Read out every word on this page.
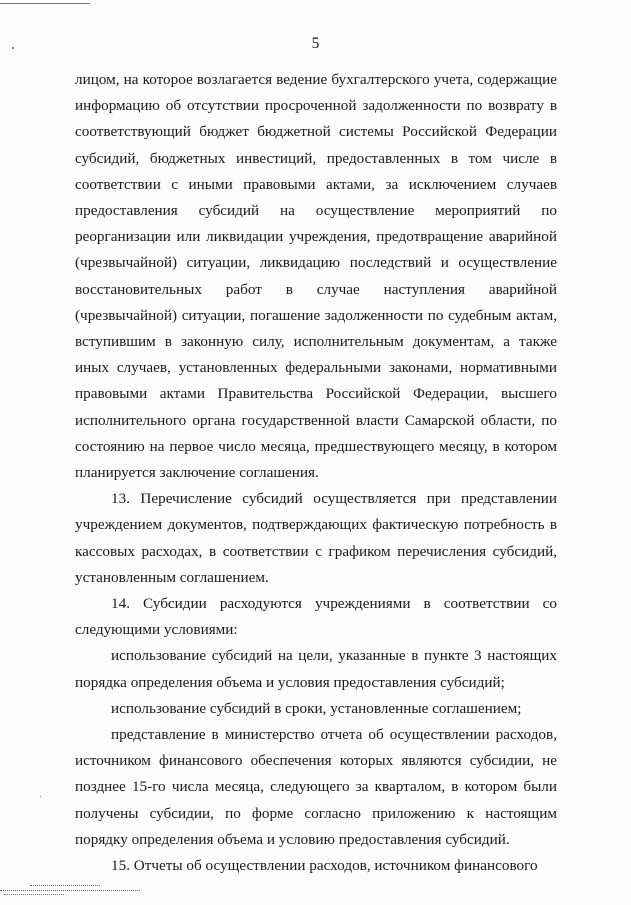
5

лицом, на которое возлагается ведение бухгалтерского учета, содержащие информацию об отсутствии просроченной задолженности по возврату в соответствующий бюджет бюджетной системы Российской Федерации субсидий, бюджетных инвестиций, предоставленных в том числе в соответствии с иными правовыми актами, за исключением случаев предоставления субсидий на осуществление мероприятий по реорганизации или ликвидации учреждения, предотвращение аварийной (чрезвычайной) ситуации, ликвидацию последствий и осуществление восстановительных работ в случае наступления аварийной (чрезвычайной) ситуации, погашение задолженности по судебным актам, вступившим в законную силу, исполнительным документам, а также иных случаев, установленных федеральными законами, нормативными правовыми актами Правительства Российской Федерации, высшего исполнительного органа государственной власти Самарской области, по состоянию на первое число месяца, предшествующего месяцу, в котором планируется заключение соглашения.

13. Перечисление субсидий осуществляется при представлении учреждением документов, подтверждающих фактическую потребность в кассовых расходах, в соответствии с графиком перечисления субсидий, установленным соглашением.

14. Субсидии расходуются учреждениями в соответствии со следующими условиями:

использование субсидий на цели, указанные в пункте 3 настоящих порядка определения объема и условия предоставления субсидий;

использование субсидий в сроки, установленные соглашением;

представление в министерство отчета об осуществлении расходов, источником финансового обеспечения которых являются субсидии, не позднее 15-го числа месяца, следующего за кварталом, в котором были получены субсидии, по форме согласно приложению к настоящим порядку определения объема и условию предоставления субсидий.

15. Отчеты об осуществлении расходов, источником финансового
